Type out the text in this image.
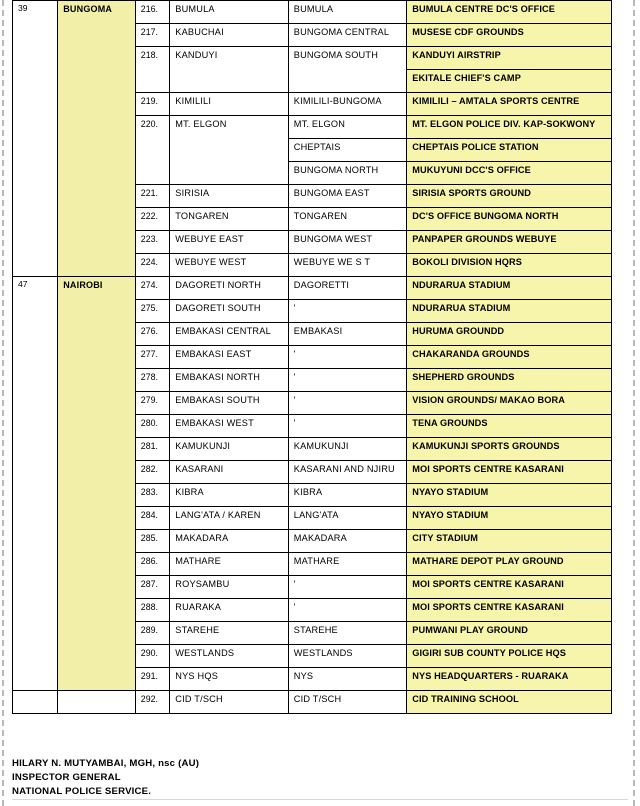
39	BUNGOMA	216.	BUMULA	BUMULA	BUMULA CENTRE DC'S OFFICE
		217.	KABUCHAI	BUNGOMA CENTRAL	MUSESE CDF GROUNDS
		218.	KANDUYI	BUNGOMA SOUTH	KANDUYI AIRSTRIP
					EKITALE CHIEF'S CAMP
		219.	KIMILILI	KIMILILI-BUNGOMA	KIMILILI – AMTALA SPORTS CENTRE
		220.	MT. ELGON	MT. ELGON	MT. ELGON POLICE DIV. KAP-SOKWONY
				CHEPTAIS	CHEPTAIS POLICE STATION
				BUNGOMA NORTH	MUKUYUNI DCC'S OFFICE
		221.	SIRISIA	BUNGOMA EAST	SIRISIA SPORTS GROUND
		222.	TONGAREN	TONGAREN	DC'S OFFICE BUNGOMA NORTH
		223.	WEBUYE EAST	BUNGOMA WEST	PANPAPER GROUNDS WEBUYE
		224.	WEBUYE WEST	WEBUYE WE S T	BOKOLI DIVISION HQRS
47	NAIROBI	274.	DAGORETI NORTH	DAGORETTI	NDURARUA STADIUM
		275.	DAGORETI SOUTH	'	NDURARUA STADIUM
		276.	EMBAKASI CENTRAL	EMBAKASI	HURUMA GROUNDD
		277.	EMBAKASI EAST	'	CHAKARANDA GROUNDS
		278.	EMBAKASI NORTH	'	SHEPHERD GROUNDS
		279.	EMBAKASI SOUTH	'	VISION GROUNDS/ MAKAO BORA

		280.	EMBAKASI WEST	'	TENA GROUNDS
		281.	KAMUKUNJI	KAMUKUNJI	KAMUKUNJI SPORTS GROUNDS
		282.	KASARANI	KASARANI AND NJIRU	MOI SPORTS CENTRE KASARANI
		283.	KIBRA	KIBRA	NYAYO STADIUM
		284.	LANG'ATA / KAREN	LANG'ATA	NYAYO STADIUM
		285.	MAKADARA	MAKADARA	CITY STADIUM
		286.	MATHARE	MATHARE	MATHARE DEPOT PLAY GROUND
		287.	ROYSAMBU	'	MOI SPORTS CENTRE KASARANI
		288.	RUARAKA	'	MOI SPORTS CENTRE KASARANI
		289.	STAREHE	STAREHE	PUMWANI PLAY GROUND
		290.	WESTLANDS	WESTLANDS	GIGIRI SUB COUNTY POLICE HQS
		291.	NYS HQS	NYS	NYS HEADQUARTERS - RUARAKA
		292.	CID T/SCH	CID T/SCH	CID TRAINING SCHOOL
HILARY N. MUTYAMBAI, MGH, nsc (AU)
INSPECTOR GENERAL
NATIONAL POLICE SERVICE.
